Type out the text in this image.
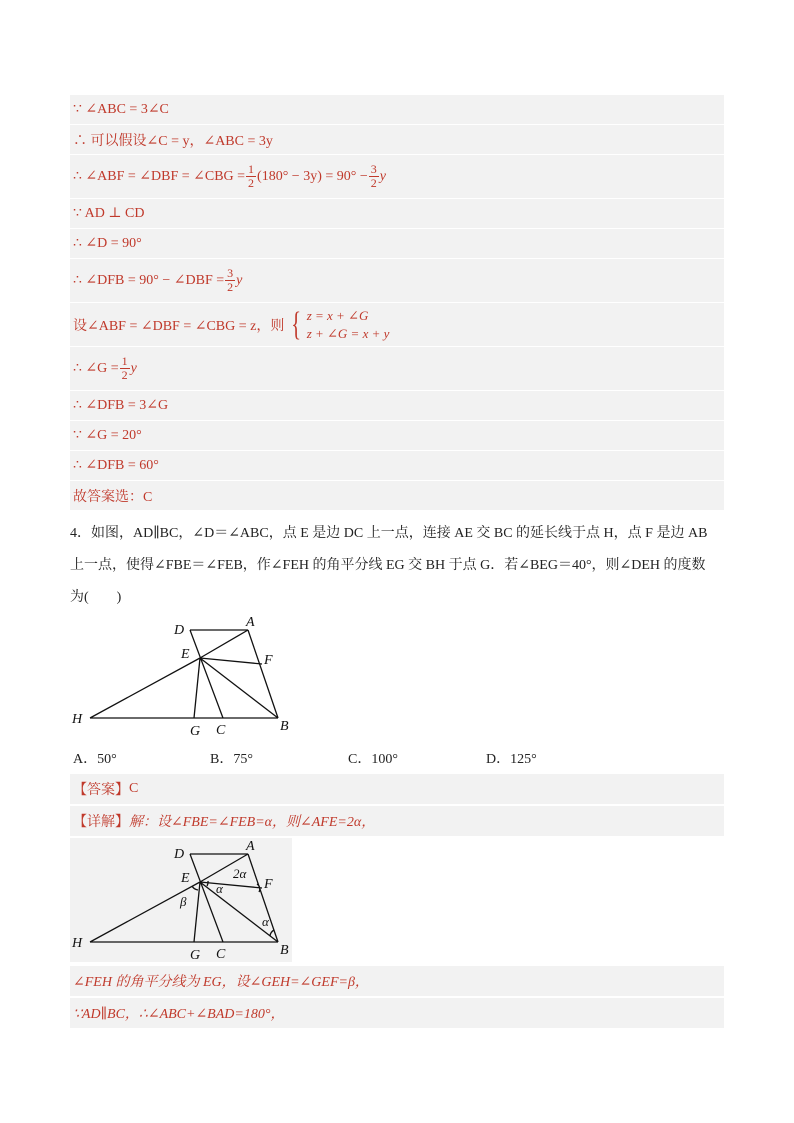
∵ ∠ABC = 3∠C
∴ 可以假设∠C = y，∠ABC = 3y
∴ ∠ABF = ∠DBF = ∠CBG = $\frac{1}{2} (180^\circ - 3y) = 90^\circ - \frac{3}{2}$ y
∵ AD ⊥ CD
∴ ∠D = 90°
∴ ∠DFB = 90° − ∠DBF = $\frac{3}{2}$ y
设∠ABF = ∠DBF = ∠CBG = z，则 { z = x + ∠G
z + ∠G = x + y
∴ ∠G = $\frac{1}{2}$ y
∴ ∠DFB = 3∠G
∵ ∠G = 20°
∴ ∠DFB = 60°
故答案选：C
4．如图，AD∥BC，∠D＝∠ABC，点 E 是边 DC 上一点，连接 AE 交 BC 的延长线于点 H，点 F 是边 AB
上一点，使得∠FBE＝∠FEB，作∠FEH 的角平分线 EG 交 BH 于点 G．若∠BEG＝40°，则∠DEH 的度数
为(　　)
D
A
E	F
H
G C	B
A．50°	B．75°	C．100°	D．125°
【答案】 C
【详解】 解：设∠FBE=∠FEB=α，则∠AFE=2α，
D
A
E	F
H
G C	B
2α
α
α
β
∠FEH 的角平分线为 EG，设∠GEH=∠GEF=β，
∵AD∥BC，∴∠ABC+∠BAD=180°，
